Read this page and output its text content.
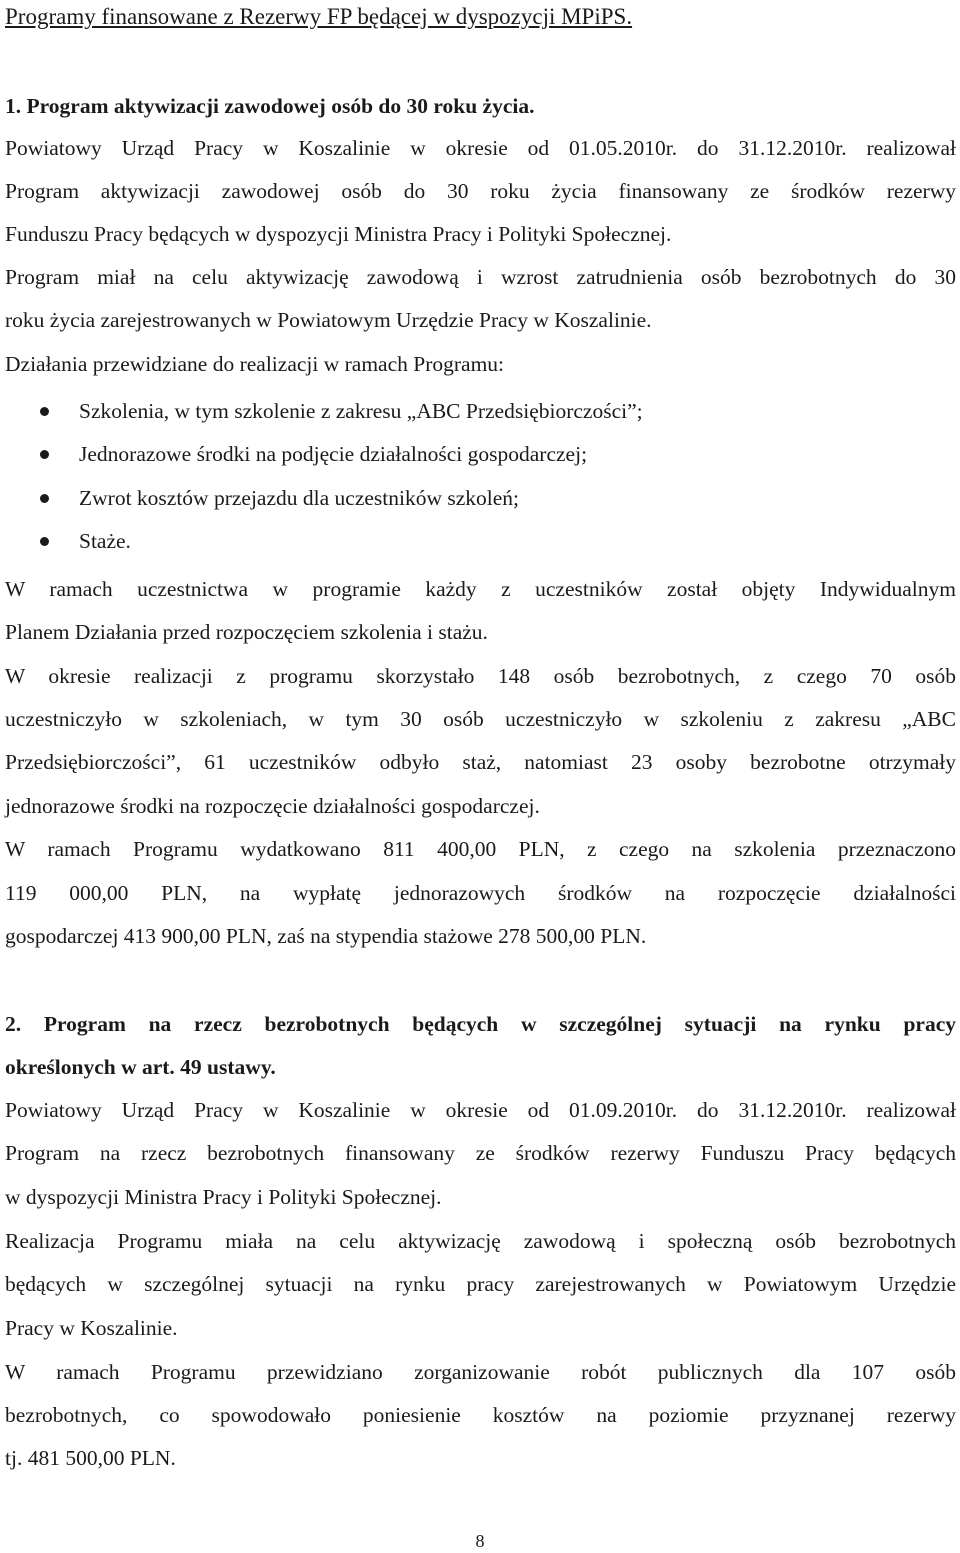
Programy finansowane z Rezerwy FP będącej w dyspozycji MPiPS.
1. Program aktywizacji zawodowej osób do 30 roku życia.
Powiatowy Urząd Pracy w Koszalinie w okresie od 01.05.2010r. do 31.12.2010r. realizował
Program aktywizacji zawodowej osób do 30 roku życia finansowany ze środków rezerwy
Funduszu Pracy będących w dyspozycji Ministra Pracy i Polityki Społecznej.
Program miał na celu aktywizację zawodową i wzrost zatrudnienia osób bezrobotnych do 30
roku życia zarejestrowanych w Powiatowym Urzędzie Pracy w Koszalinie.
Działania przewidziane do realizacji w ramach Programu:
Szkolenia, w tym szkolenie z zakresu „ABC Przedsiębiorczości”;
Jednorazowe środki na podjęcie działalności gospodarczej;
Zwrot kosztów przejazdu dla uczestników szkoleń;
Staże.
W ramach uczestnictwa w programie każdy z uczestników został objęty Indywidualnym
Planem Działania przed rozpoczęciem szkolenia i stażu.
W okresie realizacji z programu skorzystało 148 osób bezrobotnych, z czego 70 osób
uczestniczyło w szkoleniach, w tym 30 osób uczestniczyło w szkoleniu z zakresu „ABC
Przedsiębiorczości”, 61 uczestników odbyło staż, natomiast 23 osoby bezrobotne otrzymały
jednorazowe środki na rozpoczęcie działalności gospodarczej.
W ramach Programu wydatkowano 811 400,00 PLN, z czego na szkolenia przeznaczono
119 000,00 PLN, na wypłatę jednorazowych środków na rozpoczęcie działalności
gospodarczej 413 900,00 PLN, zaś na stypendia stażowe 278 500,00 PLN.
2. Program na rzecz bezrobotnych będących w szczególnej sytuacji na rynku pracy
określonych w art. 49 ustawy.
Powiatowy Urząd Pracy w Koszalinie w okresie od 01.09.2010r. do 31.12.2010r. realizował
Program na rzecz bezrobotnych finansowany ze środków rezerwy Funduszu Pracy będących
w dyspozycji Ministra Pracy i Polityki Społecznej.
Realizacja Programu miała na celu aktywizację zawodową i społeczną osób bezrobotnych
będących w szczególnej sytuacji na rynku pracy zarejestrowanych w Powiatowym Urzędzie
Pracy w Koszalinie.
W ramach Programu przewidziano zorganizowanie robót publicznych dla 107 osób
bezrobotnych, co spowodowało poniesienie kosztów na poziomie przyznanej rezerwy
tj. 481 500,00 PLN.
8
